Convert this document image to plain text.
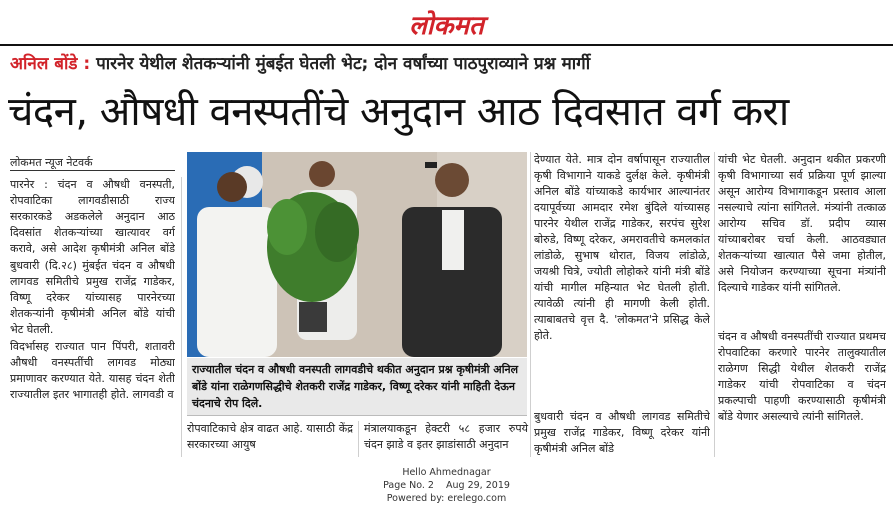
लोकमत
अनिल बोंडे : पारनेर येथील शेतकऱ्यांनी मुंबईत घेतली भेट; दोन वर्षांच्या पाठपुराव्याने प्रश्न मार्गी
चंदन, औषधी वनस्पतींचे अनुदान आठ दिवसात वर्ग करा
लोकमत न्यूज नेटवर्क

पारनेर : चंदन व औषधी वनस्पती, रोपवाटिका लागवडीसाठी राज्य सरकारकडे अडकलेले अनुदान आठ दिवसांत शेतकऱ्यांच्या खात्यावर वर्ग करावे, असे आदेश कृषीमंत्री अनिल बोंडे

बुधवारी (दि.२८) मुंबईत चंदन व औषधी लागवड समितीचे प्रमुख राजेंद्र गाडेकर, विष्णू दरेकर यांच्यासह पारनेरच्या शेतकऱ्यांनी कृषीमंत्री अनिल बोंडे यांची भेट घेतली.

विदर्भासह राज्यात पान पिंपरी, शतावरी औषधी वनस्पतींची लागवड मोठ्या प्रमाणावर करण्यात येते. यासह चंदन शेती राज्यातील इतर भागातही होते. लागवडी व

राज्यातील चंदन व औषधी वनस्पती लागवडीचे थकीत अनुदान प्रश्न कृषीमंत्री अनिल बोंडे यांना राळेगणसिद्धीचे शेतकरी राजेंद्र गाडेकर, विष्णू दरेकर यांनी माहिती देऊन चंदनाचे रोप दिले.

रोपवाटिकाचे क्षेत्र वाढत आहे. यासाठी केंद्र सरकारच्या आयुष

मंत्रालयाकडून हेक्टरी ५८ हजार रुपये चंदन झाडे व इतर झाडांसाठी अनुदान

देण्यात येते. मात्र दोन वर्षापासून राज्यातील कृषी विभागाने याकडे दुर्लक्ष केले. कृषीमंत्री अनिल बोंडे यांच्याकडे कार्यभार आल्यानंतर दयापूर्वच्या आमदार रमेश बुंदिले यांच्यासह पारनेर येथील राजेंद्र गाडेकर, सरपंच सुरेश बोरुडे, विष्णू दरेकर, अमरावतीचे कमलकांत लांडोळे, सुभाष थोरात, विजय लांडोळे, जयश्री चित्रे, ज्योती लोहोकरे यांनी मंत्री बोंडे यांची मागील महिन्यात भेट घेतली होती. त्यावेळी त्यांनी ही मागणी केली होती. त्याबाबतचे वृत्त दै. 'लोकमत'ने प्रसिद्ध केले होते.

बुधवारी चंदन व औषधी लागवड समितीचे प्रमुख राजेंद्र गाडेकर, विष्णू दरेकर यांनी कृषीमंत्री अनिल बोंडे

यांची भेट घेतली. अनुदान थकीत प्रकरणी कृषी विभागाच्या सर्व प्रक्रिया पूर्ण झाल्या असून आरोग्य विभागाकडून प्रस्ताव आला नसल्याचे त्यांना सांगितले. मंत्र्यांनी तत्काळ आरोग्य सचिव डॉ. प्रदीप व्यास यांच्याबरोबर चर्चा केली. आठवड्यात शेतकऱ्यांच्या खात्यात पैसे जमा होतील, असे नियोजन करण्याच्या सूचना मंत्र्यांनी दिल्याचे गाडेकर यांनी सांगितले.

चंदन व औषधी वनस्पतींची राज्यात प्रथमच रोपवाटिका करणारे पारनेर तालुक्यातील राळेगण सिद्धी येथील शेतकरी राजेंद्र गाडेकर यांची रोपवाटिका व चंदन प्रकल्पाची पाहणी करण्यासाठी कृषीमंत्री बोंडे येणार असल्याचे त्यांनी सांगितले.

Hello Ahmednagar
Page No. 2    Aug 29, 2019
Powered by: erelego.com
